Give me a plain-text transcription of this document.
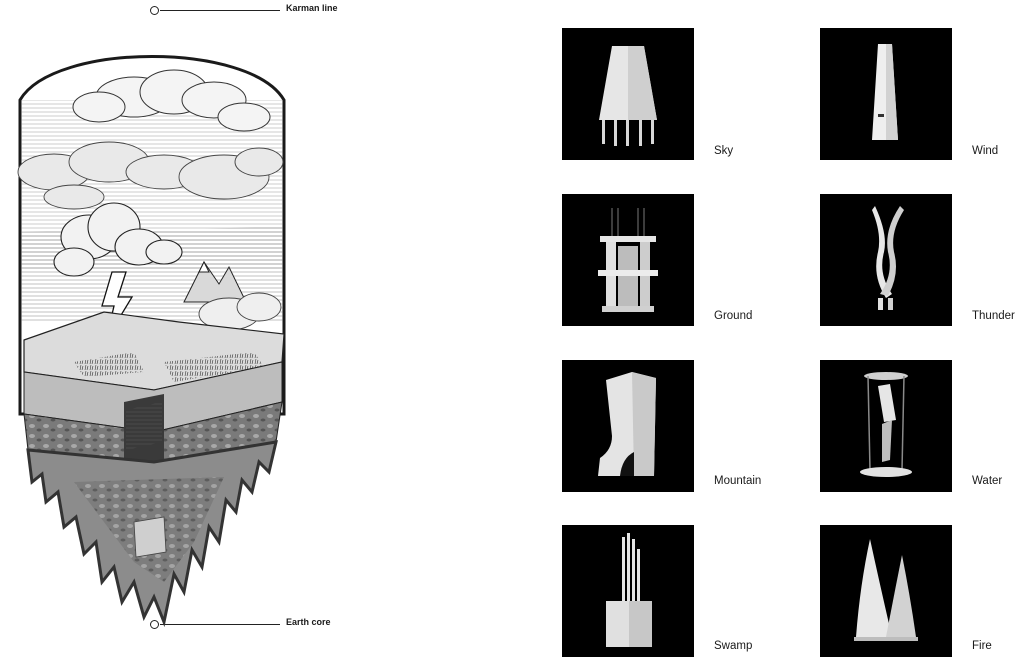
Karman line
Earth core
Sky	Wind
Ground	Thunder
Mountain	Water
Swamp	Fire
